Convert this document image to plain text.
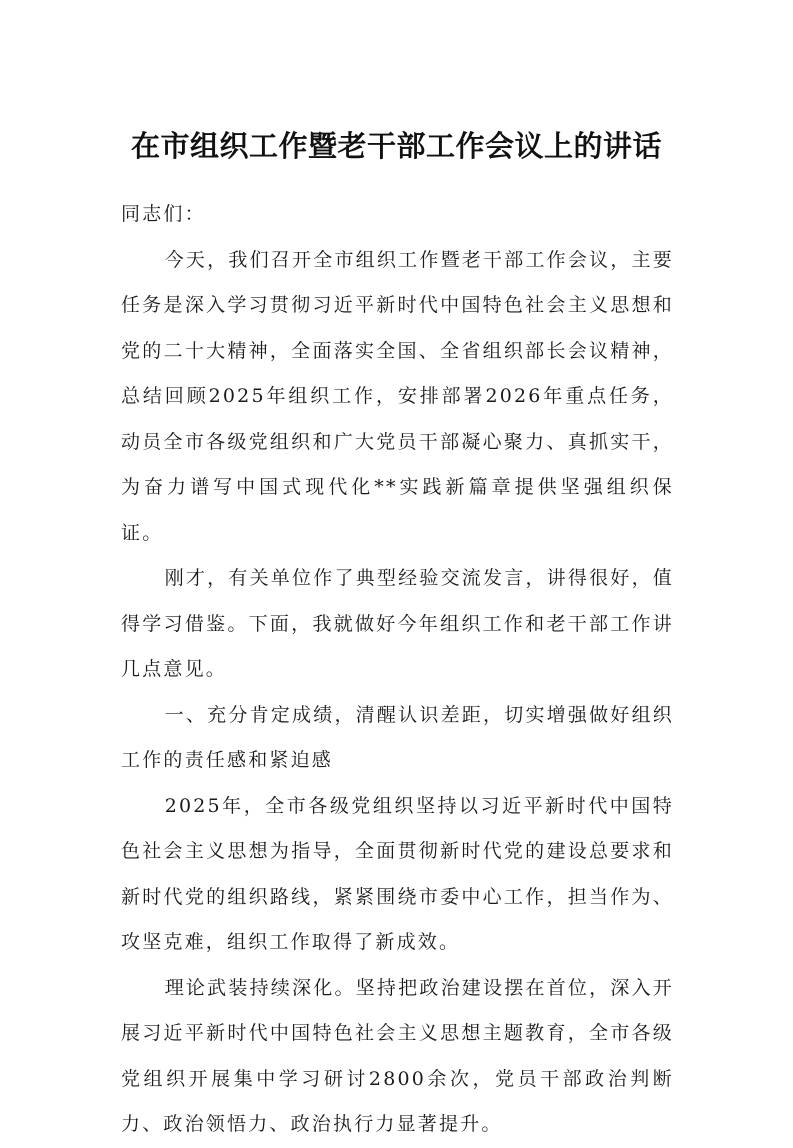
在市组织工作暨老干部工作会议上的讲话

同志们：

今天，我们召开全市组织工作暨老干部工作会议，主要任务是深入学习贯彻习近平新时代中国特色社会主义思想和党的二十大精神，全面落实全国、全省组织部长会议精神，总结回顾2025年组织工作，安排部署2026年重点任务，动员全市各级党组织和广大党员干部凝心聚力、真抓实干，为奋力谱写中国式现代化**实践新篇章提供坚强组织保证。

刚才，有关单位作了典型经验交流发言，讲得很好，值得学习借鉴。下面，我就做好今年组织工作和老干部工作讲几点意见。

一、充分肯定成绩，清醒认识差距，切实增强做好组织工作的责任感和紧迫感

2025年，全市各级党组织坚持以习近平新时代中国特色社会主义思想为指导，全面贯彻新时代党的建设总要求和新时代党的组织路线，紧紧围绕市委中心工作，担当作为、攻坚克难，组织工作取得了新成效。

理论武装持续深化。坚持把政治建设摆在首位，深入开展习近平新时代中国特色社会主义思想主题教育，全市各级党组织开展集中学习研讨2800余次，党员干部政治判断力、政治领悟力、政治执行力显著提升。
